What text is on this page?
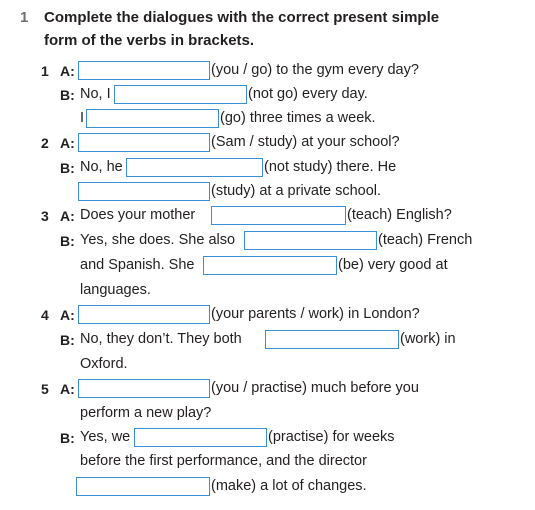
1 Complete the dialogues with the correct present simple
form of the verbs in brackets.
1 A:	(you / go) to the gym every day?
B: No, I	(not go) every day.
I	(go) three times a week.
2 A:	(Sam / study) at your school?
B: No, he	(not study) there. He
(study) at a private school.
3 A: Does your mother	(teach) English?
B: Yes, she does. She also	(teach) French
and Spanish. She	(be) very good at
languages.
4 A:	(your parents / work) in London?
B: No, they don’t. They both	(work) in
Oxford.
5 A:	(you / practise) much before you
perform a new play?
B: Yes, we	(practise) for weeks
before the first performance, and the director
(make) a lot of changes.
